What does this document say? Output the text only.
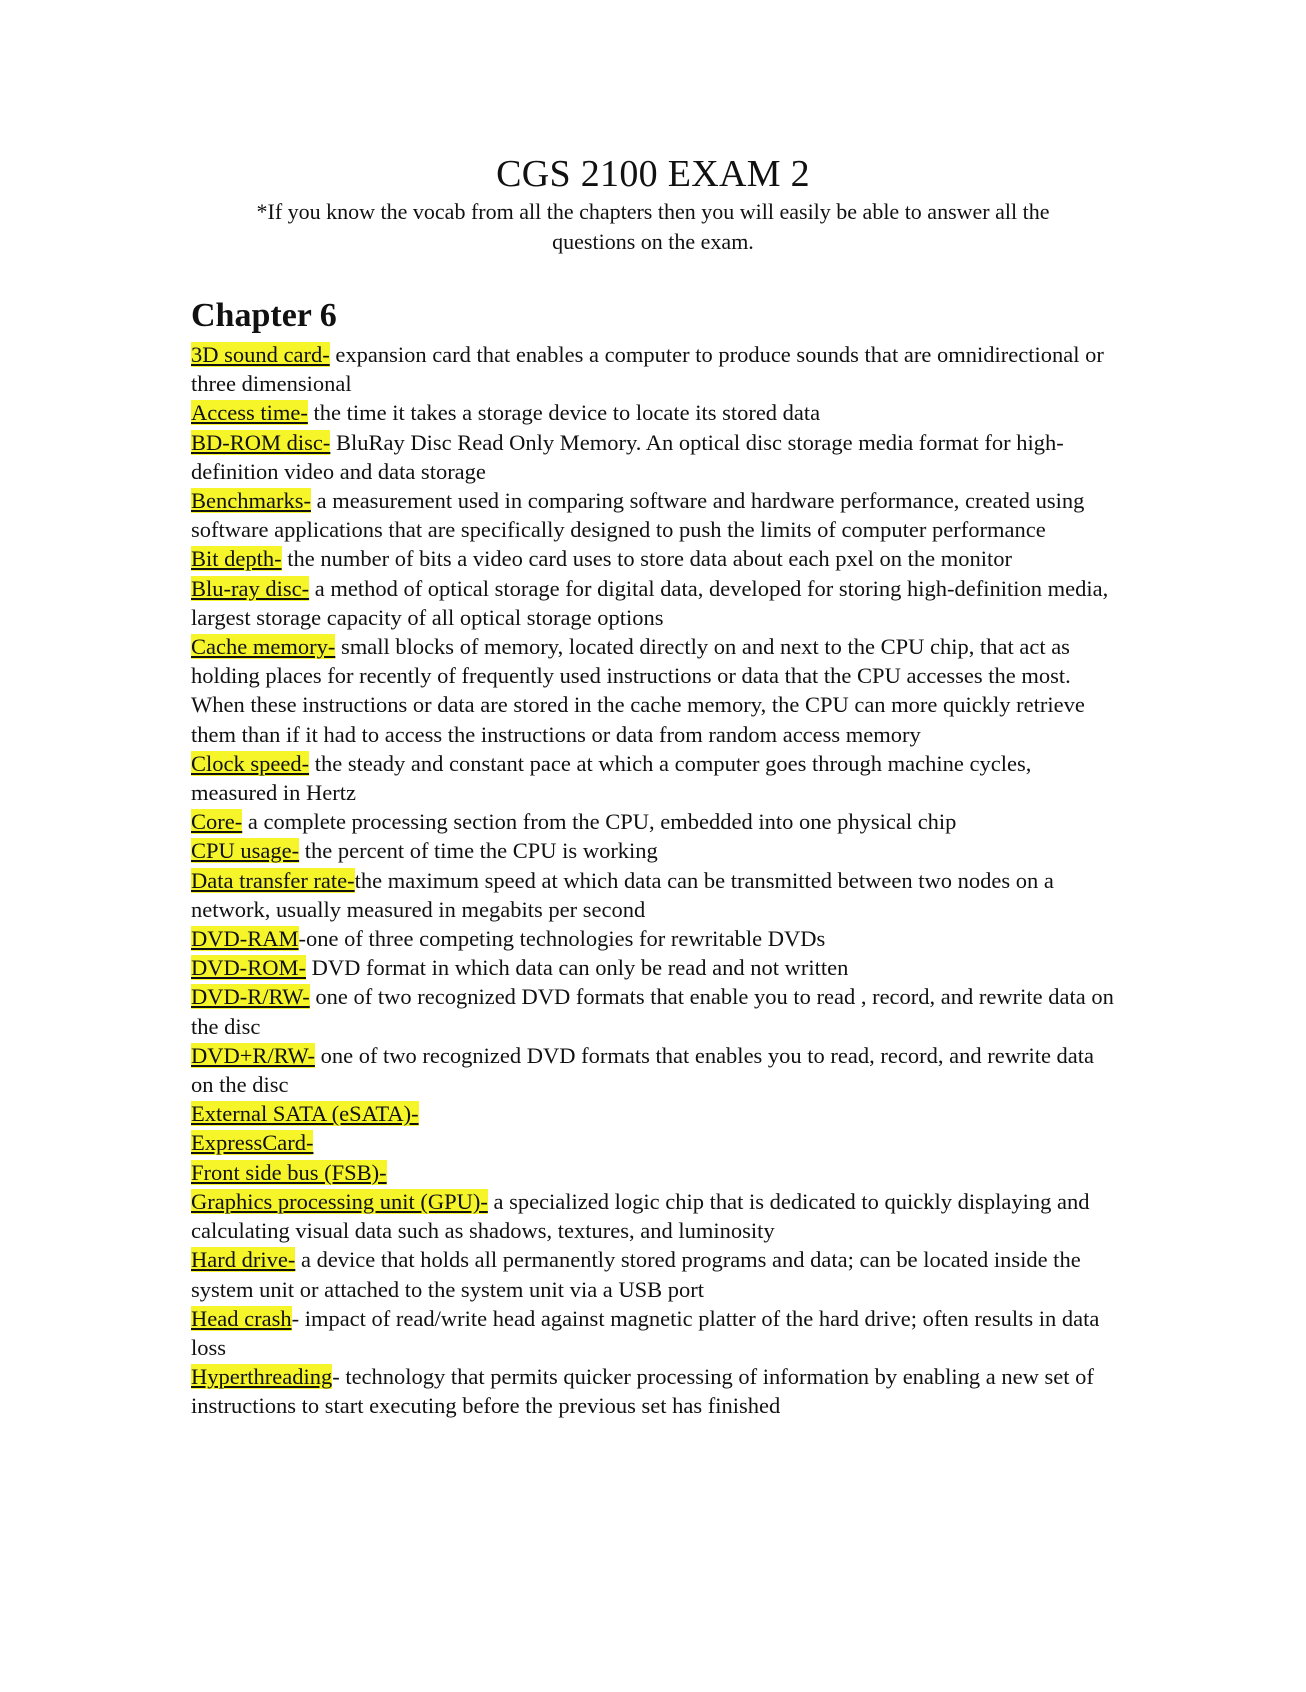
CGS 2100 EXAM 2
*If you know the vocab from all the chapters then you will easily be able to answer all the questions on the exam.
Chapter 6

3D sound card- expansion card that enables a computer to produce sounds that are omnidirectional or three dimensional

Access time- the time it takes a storage device to locate its stored data

BD-ROM disc- BluRay Disc Read Only Memory. An optical disc storage media format for high-definition video and data storage

Benchmarks- a measurement used in comparing software and hardware performance, created using software applications that are specifically designed to push the limits of computer performance

Bit depth- the number of bits a video card uses to store data about each pxel on the monitor

Blu-ray disc- a method of optical storage for digital data, developed for storing high-definition media, largest storage capacity of all optical storage options

Cache memory- small blocks of memory, located directly on and next to the CPU chip, that act as holding places for recently of frequently used instructions or data that the CPU accesses the most. When these instructions or data are stored in the cache memory, the CPU can more quickly retrieve them than if it had to access the instructions or data from random access memory

Clock speed- the steady and constant pace at which a computer goes through machine cycles, measured in Hertz

Core- a complete processing section from the CPU, embedded into one physical chip

CPU usage- the percent of time the CPU is working

Data transfer rate-the maximum speed at which data can be transmitted between two nodes on a network, usually measured in megabits per second

DVD-RAM-one of three competing technologies for rewritable DVDs

DVD-ROM- DVD format in which data can only be read and not written

DVD-R/RW- one of two recognized DVD formats that enable you to read , record, and rewrite data on the disc

DVD+R/RW- one of two recognized DVD formats that enables you to read, record, and rewrite data on the disc

External SATA (eSATA)-

ExpressCard-

Front side bus (FSB)-

Graphics processing unit (GPU)- a specialized logic chip that is dedicated to quickly displaying and calculating visual data such as shadows, textures, and luminosity

Hard drive- a device that holds all permanently stored programs and data; can be located inside the system unit or attached to the system unit via a USB port

Head crash- impact of read/write head against magnetic platter of the hard drive; often results in data loss

Hyperthreading- technology that permits quicker processing of information by enabling a new set of instructions to start executing before the previous set has finished
